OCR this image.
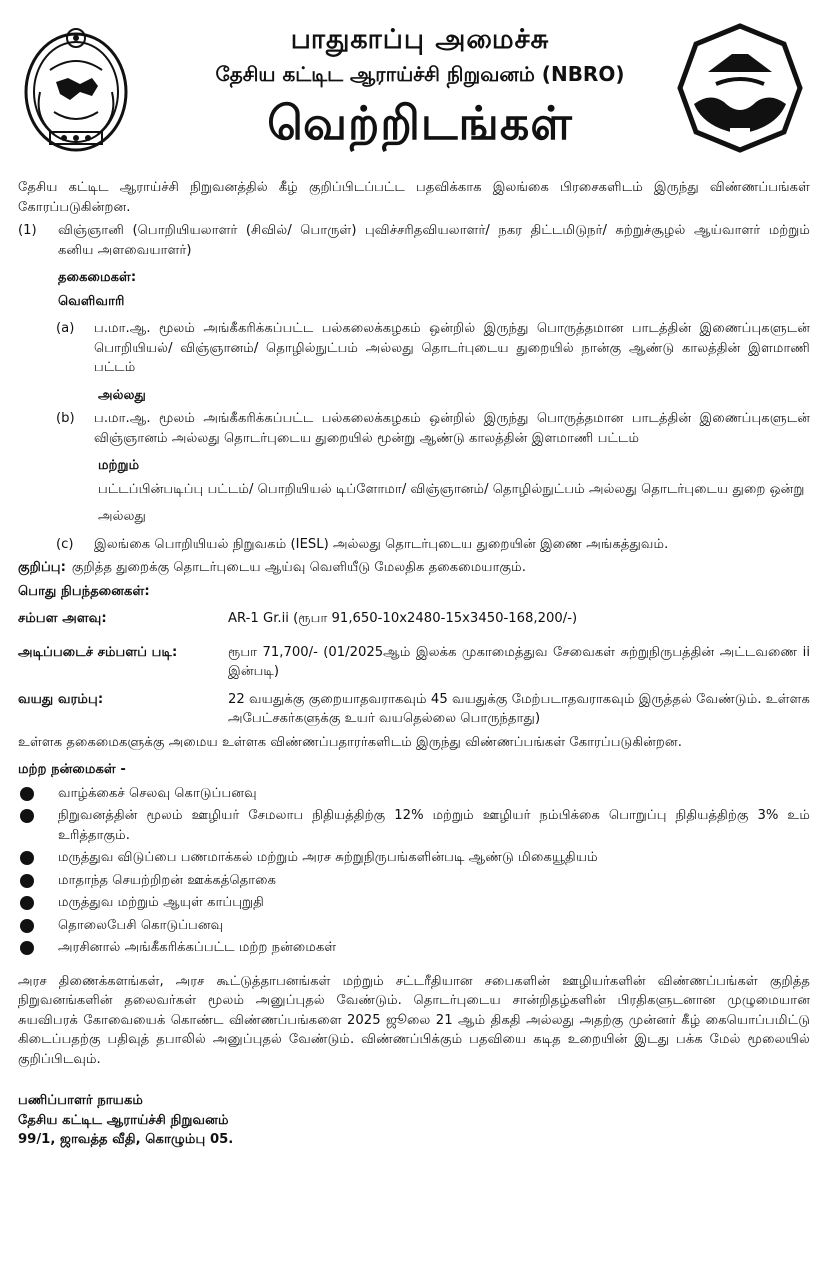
பாதுகாப்பு அமைச்சு
தேசிய கட்டிட ஆராய்ச்சி நிறுவனம் (NBRO)
வெற்றிடங்கள்

தேசிய கட்டிட ஆராய்ச்சி நிறுவனத்தில் கீழ் குறிப்பிடப்பட்ட பதவிக்காக இலங்கை பிரசைகளிடம் இருந்து விண்ணப்பங்கள் கோரப்படுகின்றன.

(1)	விஞ்ஞானி (பொறியியலாளர் (சிவில்/ பொருள்) புவிச்சரிதவியலாளர்/ நகர திட்டமிடுநர்/ சுற்றுச்சூழல் ஆய்வாளர் மற்றும் கனிய அளவையாளர்)

தகைமைகள்:

வெளிவாரி

(a)	ப.மா.ஆ. மூலம் அங்கீகரிக்கப்பட்ட பல்கலைக்கழகம் ஒன்றில் இருந்து பொருத்தமான பாடத்தின் இணைப்புகளுடன் பொறியியல்/ விஞ்ஞானம்/ தொழில்நுட்பம் அல்லது தொடர்புடைய துறையில் நான்கு ஆண்டு காலத்தின் இளமாணி பட்டம்

அல்லது

(b)	ப.மா.ஆ. மூலம் அங்கீகரிக்கப்பட்ட பல்கலைக்கழகம் ஒன்றில் இருந்து பொருத்தமான பாடத்தின் இணைப்புகளுடன் விஞ்ஞானம் அல்லது தொடர்புடைய துறையில் மூன்று ஆண்டு காலத்தின் இளமாணி பட்டம்

மற்றும்

பட்டப்பின்படிப்பு பட்டம்/ பொறியியல் டிப்ளோமா/ விஞ்ஞானம்/ தொழில்நுட்பம் அல்லது தொடர்புடைய துறை ஒன்று

அல்லது

(c)	இலங்கை பொறியியல் நிறுவகம் (IESL) அல்லது தொடர்புடைய துறையின் இணை அங்கத்துவம்.
குறிப்பு: குறித்த துறைக்கு தொடர்புடைய ஆய்வு வெளியீடு மேலதிக தகைமையாகும்.

பொது நிபந்தனைகள்:

சம்பள அளவு:	AR-1 Gr.ii (ரூபா 91,650-10x2480-15x3450-168,200/-)
அடிப்படைச் சம்பளப் படி:	ரூபா 71,700/- (01/2025ஆம் இலக்க முகாமைத்துவ சேவைகள் சுற்றுநிருபத்தின் அட்டவணை ii இன்படி)
வயது வரம்பு:	22 வயதுக்கு குறையாதவராகவும் 45 வயதுக்கு மேற்படாதவராகவும் இருத்தல் வேண்டும். உள்ளக அபேட்சகர்களுக்கு உயர் வயதெல்லை பொருந்தாது)

உள்ளக தகைமைகளுக்கு அமைய உள்ளக விண்ணப்பதாரர்களிடம் இருந்து விண்ணப்பங்கள் கோரப்படுகின்றன.

மற்ற நன்மைகள் -

வாழ்க்கைச் செலவு கொடுப்பனவு
நிறுவனத்தின் மூலம் ஊழியர் சேமலாப நிதியத்திற்கு 12% மற்றும் ஊழியர் நம்பிக்கை பொறுப்பு நிதியத்திற்கு 3% உம் உரித்தாகும்.
மருத்துவ விடுப்பை பணமாக்கல் மற்றும் அரச சுற்றுநிருபங்களின்படி ஆண்டு மிகையூதியம்
மாதாந்த செயற்றிறன் ஊக்கத்தொகை
மருத்துவ மற்றும் ஆயுள் காப்புறுதி
தொலைபேசி கொடுப்பனவு
அரசினால் அங்கீகரிக்கப்பட்ட மற்ற நன்மைகள்

அரச திணைக்களங்கள், அரச கூட்டுத்தாபனங்கள் மற்றும் சட்டரீதியான சபைகளின் ஊழியர்களின் விண்ணப்பங்கள் குறித்த நிறுவனங்களின் தலைவர்கள் மூலம் அனுப்புதல் வேண்டும். தொடர்புடைய சான்றிதழ்களின் பிரதிகளுடனான முழுமையான சுயவிபரக் கோவையைக் கொண்ட விண்ணப்பங்களை 2025 ஜூலை 21 ஆம் திகதி அல்லது அதற்கு முன்னர் கீழ் கையொப்பமிட்டு கிடைப்பதற்கு பதிவுத் தபாலில் அனுப்புதல் வேண்டும். விண்ணப்பிக்கும் பதவியை கடித உறையின் இடது பக்க மேல் மூலையில் குறிப்பிடவும்.

பணிப்பாளர் நாயகம்

தேசிய கட்டிட ஆராய்ச்சி நிறுவனம்

99/1, ஜாவத்த வீதி, கொழும்பு 05.
